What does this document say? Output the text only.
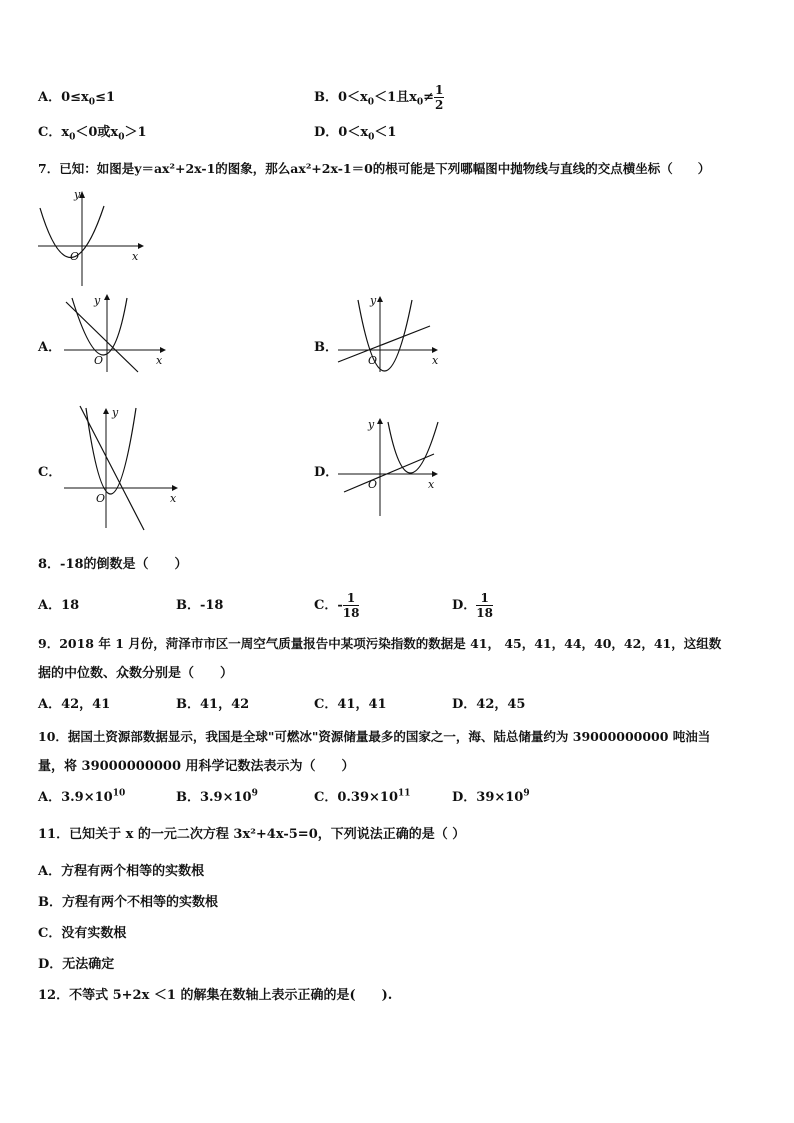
A．$0\le x_0\le 1$	B．$0<x_0<1$且$x_0\ne \frac{1}{2}$
C．$x_0<0$或$x_0>1$	D．$0<x_0<1$
7．已知：如图是y＝ax²+2x-1的图象，那么ax²+2x-1＝0的根可能是下列哪幅图中抛物线与直线的交点横坐标（　　）
y
x
O
A．
y
x
O
B．
y
x
O
C．
y
x
O
D．
y
x
O
8．-18的倒数是（　　）
A．18	B．-18	C．- $\frac{1}{18}$	D． $\frac{1}{18}$
9．2018 年 1 月份，菏泽市市区一周空气质量报告中某项污染指数的数据是 41， 45，41，44，40，42，41，这组数
据的中位数、众数分别是（　　）
A．42，41	B．41，42	C．41，41	D．42，45
10．据国土资源部数据显示，我国是全球"可燃冰"资源储量最多的国家之一，海、陆总储量约为 39000000000 吨油当
量，将 39000000000 用科学记数法表示为（　　）
A．$3.9\times 10^{10}$	B．$3.9\times 10^9$	C．$0.39\times 10^{11}$	D．$39\times 10^9$
11．已知关于 x 的一元二次方程 3x²+4x-5=0，下列说法正确的是（ ）
A．方程有两个相等的实数根
B．方程有两个不相等的实数根
C．没有实数根
D．无法确定
12．不等式 5+2x ＜1 的解集在数轴上表示正确的是(　　).
